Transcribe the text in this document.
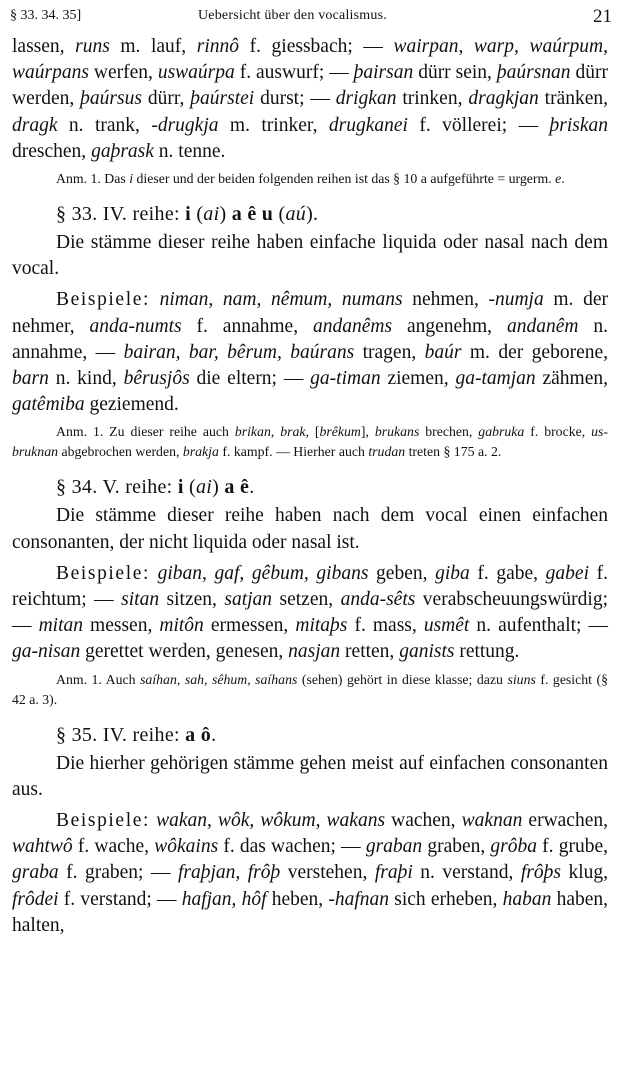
§ 33. 34. 35]	Uebersicht über den vocalismus.	21

lassen, runs m. lauf, rinnô f. giessbach; — wairpan, warp, waúrpum, waúrpans werfen, uswaúrpa f. auswurf; — þairsan dürr sein, þaúrsnan dürr werden, þaúrsus dürr, þaúrstei durst; — drigkan trinken, dragkjan tränken, dragk n. trank, -drugkja m. trinker, drugkanei f. völlerei; — þriskan dreschen, gaþrask n. tenne.

Anm. 1. Das i dieser und der beiden folgenden reihen ist das § 10 a aufgeführte = urgerm. e.

§ 33. IV. reihe: i (ai) a ê u (aú).

Die stämme dieser reihe haben einfache liquida oder nasal nach dem vocal.

Beispiele: niman, nam, nêmum, numans nehmen, -numja m. der nehmer, anda-numts f. annahme, andanêms angenehm, andanêm n. annahme, — bairan, bar, bêrum, baúrans tragen, baúr m. der geborene, barn n. kind, bêrusjôs die eltern; — ga-timan ziemen, ga-tamjan zähmen, gatêmiba geziemend.

Anm. 1. Zu dieser reihe auch brikan, brak, [brêkum], brukans brechen, gabruka f. brocke, us-bruknan abgebrochen werden, brakja f. kampf. — Hierher auch trudan treten § 175 a. 2.

§ 34. V. reihe: i (ai) a ê.

Die stämme dieser reihe haben nach dem vocal einen einfachen consonanten, der nicht liquida oder nasal ist.

Beispiele: giban, gaf, gêbum, gibans geben, giba f. gabe, gabei f. reichtum; — sitan sitzen, satjan setzen, anda-sêts verabscheuungswürdig; — mitan messen, mitôn ermessen, mitaþs f. mass, usmêt n. aufenthalt; — ga-nisan gerettet werden, genesen, nasjan retten, ganists rettung.

Anm. 1. Auch saíhan, sah, sêhum, saíhans (sehen) gehört in diese klasse; dazu siuns f. gesicht (§ 42 a. 3).

§ 35. IV. reihe: a ô.

Die hierher gehörigen stämme gehen meist auf einfachen consonanten aus.

Beispiele: wakan, wôk, wôkum, wakans wachen, waknan erwachen, wahtwô f. wache, wôkains f. das wachen; — graban graben, grôba f. grube, graba f. graben; — fraþjan, frôþ verstehen, fraþi n. verstand, frôþs klug, frôdei f. verstand; — hafjan, hôf heben, -hafnan sich erheben, haban haben, halten,
